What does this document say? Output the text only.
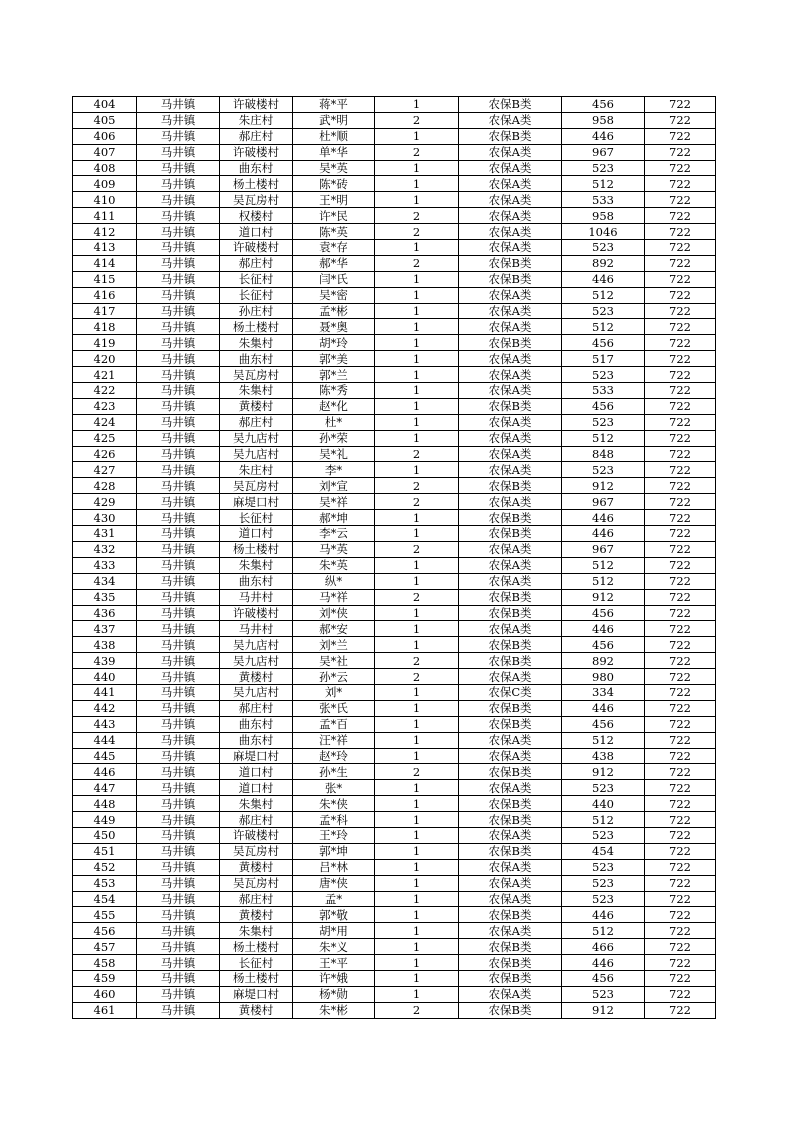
404	马井镇	许破楼村	蒋*平	1	农保B类	456	722
405	马井镇	朱庄村	武*明	2	农保A类	958	722
406	马井镇	郝庄村	杜*顺	1	农保B类	446	722
407	马井镇	许破楼村	单*华	2	农保A类	967	722
408	马井镇	曲东村	吴*英	1	农保A类	523	722
409	马井镇	杨土楼村	陈*砖	1	农保A类	512	722
410	马井镇	吴瓦房村	王*明	1	农保A类	533	722
411	马井镇	权楼村	许*民	2	农保A类	958	722
412	马井镇	道口村	陈*英	2	农保A类	1046	722
413	马井镇	许破楼村	袁*存	1	农保A类	523	722
414	马井镇	郝庄村	郝*华	2	农保B类	892	722
415	马井镇	长征村	闫*氏	1	农保B类	446	722
416	马井镇	长征村	吴*密	1	农保A类	512	722
417	马井镇	孙庄村	孟*彬	1	农保A类	523	722
418	马井镇	杨土楼村	聂*奥	1	农保A类	512	722
419	马井镇	朱集村	胡*玲	1	农保B类	456	722
420	马井镇	曲东村	郭*美	1	农保A类	517	722
421	马井镇	吴瓦房村	郭*兰	1	农保A类	523	722
422	马井镇	朱集村	陈*秀	1	农保A类	533	722
423	马井镇	黄楼村	赵*化	1	农保B类	456	722
424	马井镇	郝庄村	杜*	1	农保A类	523	722
425	马井镇	吴九店村	孙*荣	1	农保A类	512	722
426	马井镇	吴九店村	吴*礼	2	农保A类	848	722
427	马井镇	朱庄村	李*	1	农保A类	523	722
428	马井镇	吴瓦房村	刘*宣	2	农保B类	912	722
429	马井镇	麻堤口村	吴*祥	2	农保A类	967	722
430	马井镇	长征村	郝*坤	1	农保B类	446	722
431	马井镇	道口村	李*云	1	农保B类	446	722
432	马井镇	杨土楼村	马*英	2	农保A类	967	722
433	马井镇	朱集村	朱*英	1	农保A类	512	722
434	马井镇	曲东村	纵*	1	农保A类	512	722
435	马井镇	马井村	马*祥	2	农保B类	912	722
436	马井镇	许破楼村	刘*侠	1	农保B类	456	722
437	马井镇	马井村	郝*安	1	农保A类	446	722
438	马井镇	吴九店村	刘*兰	1	农保B类	456	722
439	马井镇	吴九店村	吴*社	2	农保B类	892	722
440	马井镇	黄楼村	孙*云	2	农保A类	980	722
441	马井镇	吴九店村	刘*	1	农保C类	334	722
442	马井镇	郝庄村	张*氏	1	农保B类	446	722
443	马井镇	曲东村	孟*百	1	农保B类	456	722
444	马井镇	曲东村	汪*祥	1	农保A类	512	722
445	马井镇	麻堤口村	赵*玲	1	农保A类	438	722
446	马井镇	道口村	孙*生	2	农保B类	912	722
447	马井镇	道口村	张*	1	农保A类	523	722
448	马井镇	朱集村	朱*侠	1	农保B类	440	722
449	马井镇	郝庄村	孟*科	1	农保B类	512	722
450	马井镇	许破楼村	王*玲	1	农保A类	523	722
451	马井镇	吴瓦房村	郭*坤	1	农保B类	454	722
452	马井镇	黄楼村	吕*林	1	农保A类	523	722
453	马井镇	吴瓦房村	唐*侠	1	农保A类	523	722
454	马井镇	郝庄村	孟*	1	农保A类	523	722
455	马井镇	黄楼村	郭*敬	1	农保B类	446	722
456	马井镇	朱集村	胡*用	1	农保A类	512	722
457	马井镇	杨土楼村	朱*义	1	农保B类	466	722
458	马井镇	长征村	王*平	1	农保B类	446	722
459	马井镇	杨土楼村	许*娥	1	农保B类	456	722
460	马井镇	麻堤口村	杨*勋	1	农保A类	523	722
461	马井镇	黄楼村	朱*彬	2	农保B类	912	722
